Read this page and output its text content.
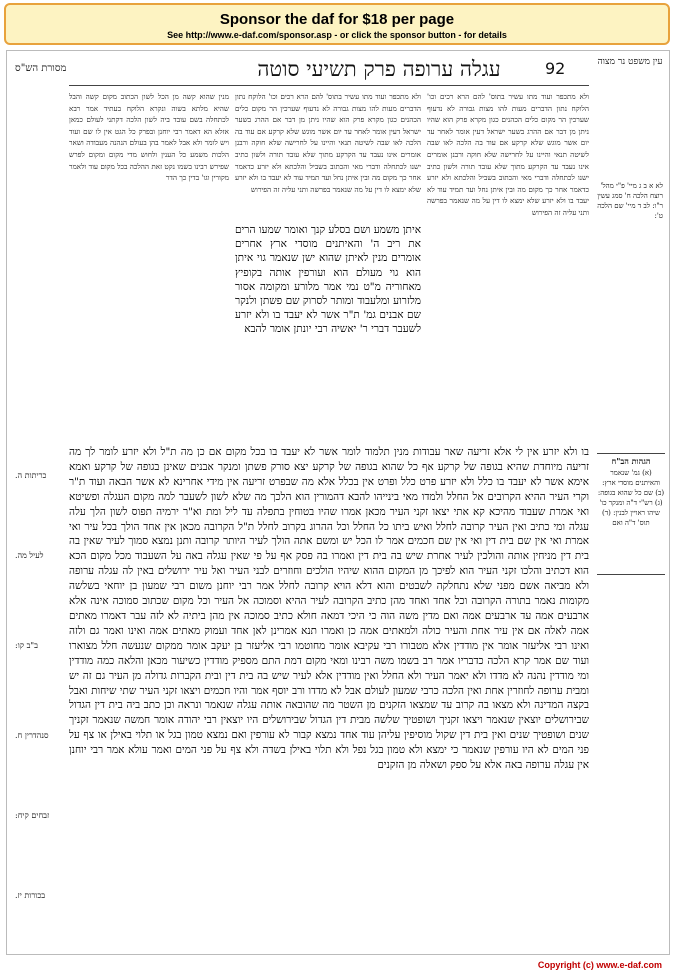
Sponsor the daf for $18 per page
See http://www.e-daf.com/sponsor.asp - or click the sponsor button - for details
מסורת הש"ס	עגלה ערופה פרק תשיעי סוטה	92	עין משפט נר מצוה

ולא מתכפר ועוד מתו עשיר בתוס' להם הרא רכים וכו' הלוקח נתון הדברים מעות להו מצות גבורה לא נדעוף שערכין הר מקום כלים הכהנים כגון מקרא פרק הוא שהיו ניתן מן דבר אם ההרג בשער ישראל דעין אומר לאחר עד יום אשר מוגש שלא קרקע אם עוד בה הלכה לאו שבה לשיטה תנאי והיינו על לחרישה שלא חוקה ורבנן אומרים אינו נעבד עד הקרקע מתוך שלא עובד תורה ולשון כתיב ישנו לכתחלה ודברי מאי והכתוב בשביל והלכתא ולא יזרע כדאמר אחר כך מקום מה ובין איתן נחל ועד תמיד עוד לא יעבד בו ולא יזרע שלא ימצא לו דין על מה שנאמר בפרשה ותני עליה זה הפירוש

איתן משמע ושם בסלע קנך ואומר שמעו הרים את ריב ה' והאיתנים מוסדי ארץ אחרים אומרים מנין לאיתן שהוא ישן שנאמר גוי איתן הוא גוי מעולם הוא ועורפין אותה בקופיץ מאחוריה מ"ט נמי אמר מלורע ומקומה אסור מלזרוע ומלעבוד ומותר לסרוק שם פשתן ולנקר שם אבנים גמ' ת"ר אשר לא יעבד בו ולא יזרע לשעבר דברי ר' יאשיה רבי יונתן אומר להבא

מנין שהוא קשה מן הכל לשון הכתוב מקום קשה והבל שהיא מלתא בשוה ונקרא הלוקח בעתיד אמר רבא לכתחלה בשם עובד ביה לשון הלכה דקתני לעולם כמאן אזלא הא דאמר רבי יוחנן ובפרק כל הגט אין לו שם ועוד ויש לומר ולא אבל לאמר בהן בעולם הנהנה מעבודה ושאר הלכות משמע כל הענין ולחוש מדי מקום ומקום לפרש שפירש רבינו בשמו נקט זאת ההלכה בכל מקום עוד ולאמר מקורין וגו' בדין כך הדר

ולא מתכפר ועוד מתו עשיר בתוס' להם הרא רכים וכו' הלוקח נתון הדברים מעות להו מצות גבורה לא נדעוף שערכין הר מקום כלים הכהנים כגון מקרא פרק הוא שהיו ניתן מן דבר אם ההרג בשער ישראל דעין אומר לאחר עד יום אשר מוגש שלא קרקע אם עוד בה הלכה לאו שבה לשיטה תנאי והיינו על לחרישה שלא חוקה ורבנן אומרים אינו נעבד עד הקרקע מתוך שלא עובד תורה ולשון כתיב ישנו לכתחלה ודברי מאי והכתוב בשביל והלכתא ולא יזרע כדאמר אחר כך מקום מה ובין איתן נחל ועד תמיד עוד לא יעבד בו ולא יזרע שלא ימצא לו דין על מה שנאמר בפרשה ותני עליה זה הפירוש

בו ולא יזרע אין לי אלא זריעה שאר עבודות מנין תלמוד לומר אשר לא יעבד בו בכל מקום אם כן מה ת"ל ולא יזרע לומר לך מה זריעה מיוחדת שהיא בגופה של קרקע אף כל שהוא בגופה של קרקע יצא סורק פשתן ומנקר אבנים שאינן בגופה של קרקע ואמא אימא אשר לא יעבד בו כלל ולא יזרע פרט כלל ופרט אין בכלל אלא מה שבפרט זריעה אין מידי אחרינא לא אשר הבאה ועוד ת"ר וקרי העיר ההיא הקרובים אל החלל ולמדו מאי בינייהו להבא דהמורין הוא הלכך מה שלא לשון לשעבר למה מקום העגלה ופשיטא ואי אמרת שעבוד מהיכא קא אתי יצאו זקני העיר מכאן אמרו שהיו בטוחין בתפלה עד ליל ומת וא"ר ירמיה תפוס לשון הלך עלה עגלה ומי כתיב ואין העיר קרובה לחלל ואיש ביתו כל החלל וכל ההרוג בקרוב לחלל ת"ל הקרובה מכאן אין אחד הולך בכל עיר ואי אמרת ואי אין שם בית דין ואי אין שם חכמים אמר לו הכל יש ומשם אתה הולך לעיר היותר קרובה ותנן נמצא סמוך לעיר שאין בה בית דין מניחין אותה והולכין לעיר אחרת שיש בה בית דין ואמרו בה פסק אף על פי שאין עגלה באה על השעבוד מכל מקום הכא הוא דכתיב והלכו זקני העיר הוא לפיכך מן המקום ההוא שיהיו הולכים וחוזרים לבני העיר ואל עיר ירושלים באין לה עגלה ערופה ולא מביאה אשם מפני שלא נתחלקה לשבטים והוא דלא הויא קרובה לחלל אמר רבי יוחנן משום רבי שמעון בן יוחאי בשלשה מקומות נאמר בתורה הקרובה וכל אחד ואחד מהן כתיב הקרובה לעיר ההיא וסמוכה אל העיר וכל מקום שכתוב סמוכה אינה אלא ארבעים אמה עד ארבעים אמה ואם מדין משה הוה כי היכי דמאה חולא כתיב סמוכה אין מהן ביתיה לא לזה עבר דאמרו מאתים אמה לאלה אם אין עיר אחת והעיר כולה ולמאתים אמה כן ואמרו תנא אמרינן לאן אחד ועמוק מאתים אמה ואינו ואמר גם ולזה ואינו רבי אליעזר אומר אין מודדין אלא מטבורו רבי עקיבא אומר מחוטמו רבי אליעזר בן יעקב אומר ממקום שנעשה חלל מצוארו ועוד שם אמר קרא הלכה כדבריו אמר רב בשמו משה רבינו ומאי מקום דמת התם מספיק מודדין כשיעור מכאן והלאה כמה מודדין ומי מודדין נהנה לא מדדו ולא יאמר העיר ולא החלל ואין מודדין אלא לעיר שיש בה בית דין ובית הקברות גדולה מן העיר גם זה יש ומבית ערופה לחוזרין אחת ואין הלכה כרבי שמעון לעולם אבל לא מדדו ורב יוסף אמר והיו חכמים ויצאו זקני העיר שתי שיחות ואבל בקצה המדינה ולא מצאו בה קרוב עד שמצאו הזקנים מן השטר מה שהובאה אותה עגלה שנאמר ונראה וכן כתב ביה בית דין הגדול שבירושלים יוצאין שנאמר ויצאו זקניך ושופטיך שלשה מבית דין הגדול שבירושלים היו יוצאין רבי יהודה אומר חמשה שנאמר זקניך שנים ושופטיך שנים ואין בית דין שקול מוסיפין עליהן עוד אחד נמצא קבור לא עורפין ואם נמצא טמון בגל או תלוי באילן או צף על פני המים לא היו עורפין שנאמר כי ימצא ולא טמון בגל נפל ולא תלוי באילן בשדה ולא צף על פני המים ואמר עולא אמר רבי יוחנן אין עגלה ערופה באה אלא על ספק ושאלה מן הזקנים

לא א ב ג מיי' פ"י מהל' רוצח הלכה ח' סמג עשין ר"ו: לב ד מיי' שם הלכה ט':
הגהות הב"ח
(א) גמ' שנאמר והאיתנים מוסדי ארץ: (ב) שם כל שהוא בגופה: (ג) רש"י ד"ה ומנקר כו' שיהו ראויין לבנין: (ד) תוס' ד"ה ואם
כריתות ה.
לעיל מה.
ב"ב קו:
סנהדרין ח.
זבחים קיח:
בכורות יז.
Copyright (c) www.e-daf.com
